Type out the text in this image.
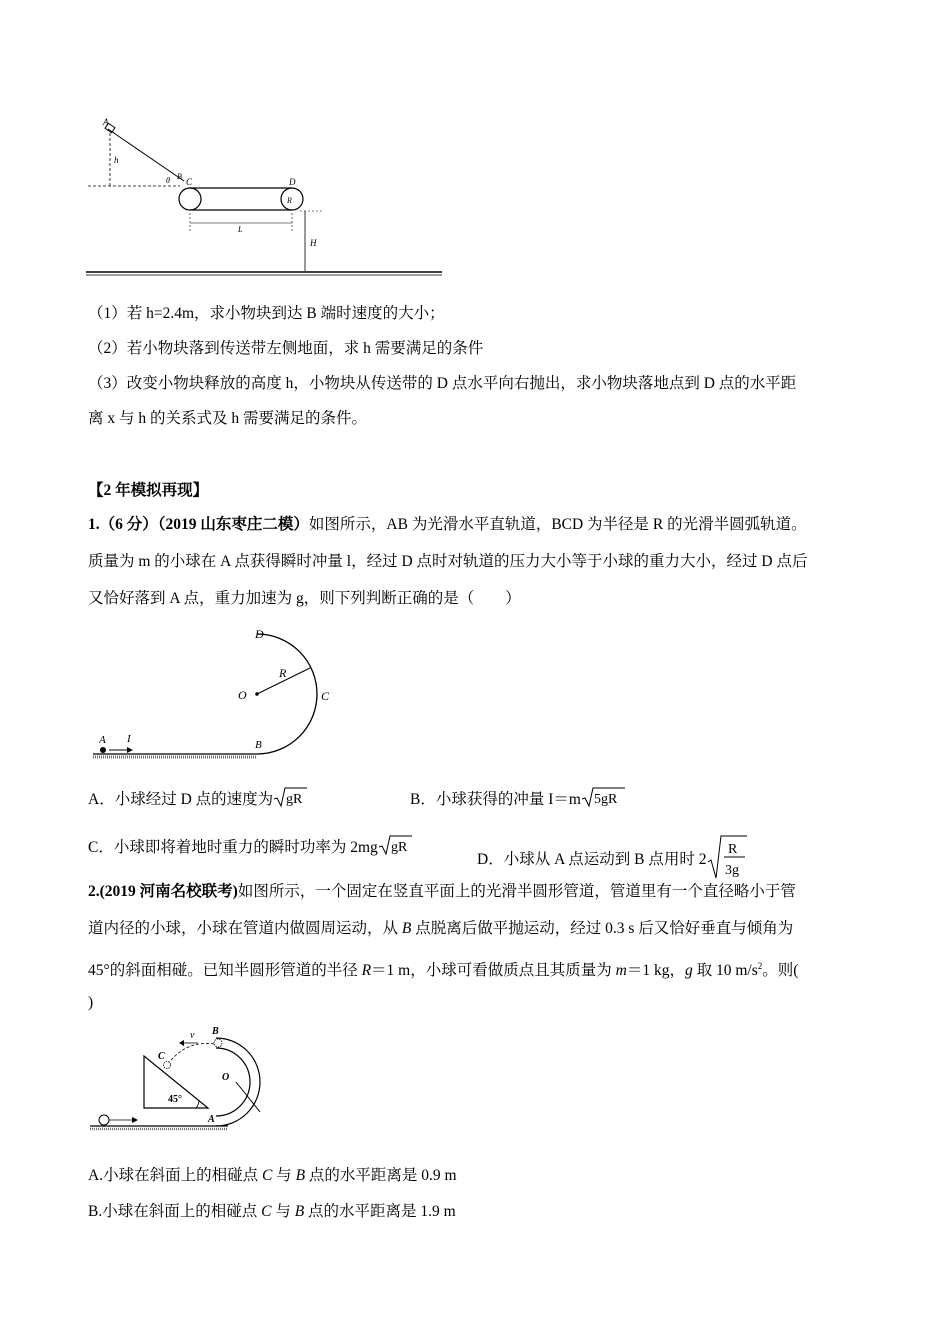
A
h
θ B
C	D
R
L
H
（1）若 h=2.4m，求小物块到达 B 端时速度的大小；
（2）若小物块落到传送带左侧地面，求 h 需要满足的条件
（3）改变小物块释放的高度 h，小物块从传送带的 D 点水平向右抛出，求小物块落地点到 D 点的水平距
离 x 与 h 的关系式及 h 需要满足的条件。
【2 年模拟再现】
1.（6 分）（2019 山东枣庄二模）如图所示，AB 为光滑水平直轨道，BCD 为半径是 R 的光滑半圆弧轨道。
质量为 m 的小球在 A 点获得瞬时冲量 l，经过 D 点时对轨道的压力大小等于小球的重力大小，经过 D 点后
又恰好落到 A 点，重力加速为 g，则下列判断正确的是（　　）
D
O
R
C
A I	B
A．小球经过 D 点的速度为 gR	B．小球获得的冲量 I＝m 5gR
C．小球即将着地时重力的瞬时功率为 2mg gR
D．小球从 A 点运动到 B 点用时 2
R
3g
2.(2019 河南名校联考)如图所示，一个固定在竖直平面上的光滑半圆形管道，管道里有一个直径略小于管
道内径的小球，小球在管道内做圆周运动，从 B 点脱离后做平抛运动，经过 0.3 s 后又恰好垂直与倾角为
45°的斜面相碰。已知半圆形管道的半径 R＝1 m，小球可看做质点且其质量为 m＝1 kg，g 取 10 $m/s^2$。则(
)
v B
C
O
45°
A
A.小球在斜面上的相碰点 C 与 B 点的水平距离是 0.9 m
B.小球在斜面上的相碰点 C 与 B 点的水平距离是 1.9 m
